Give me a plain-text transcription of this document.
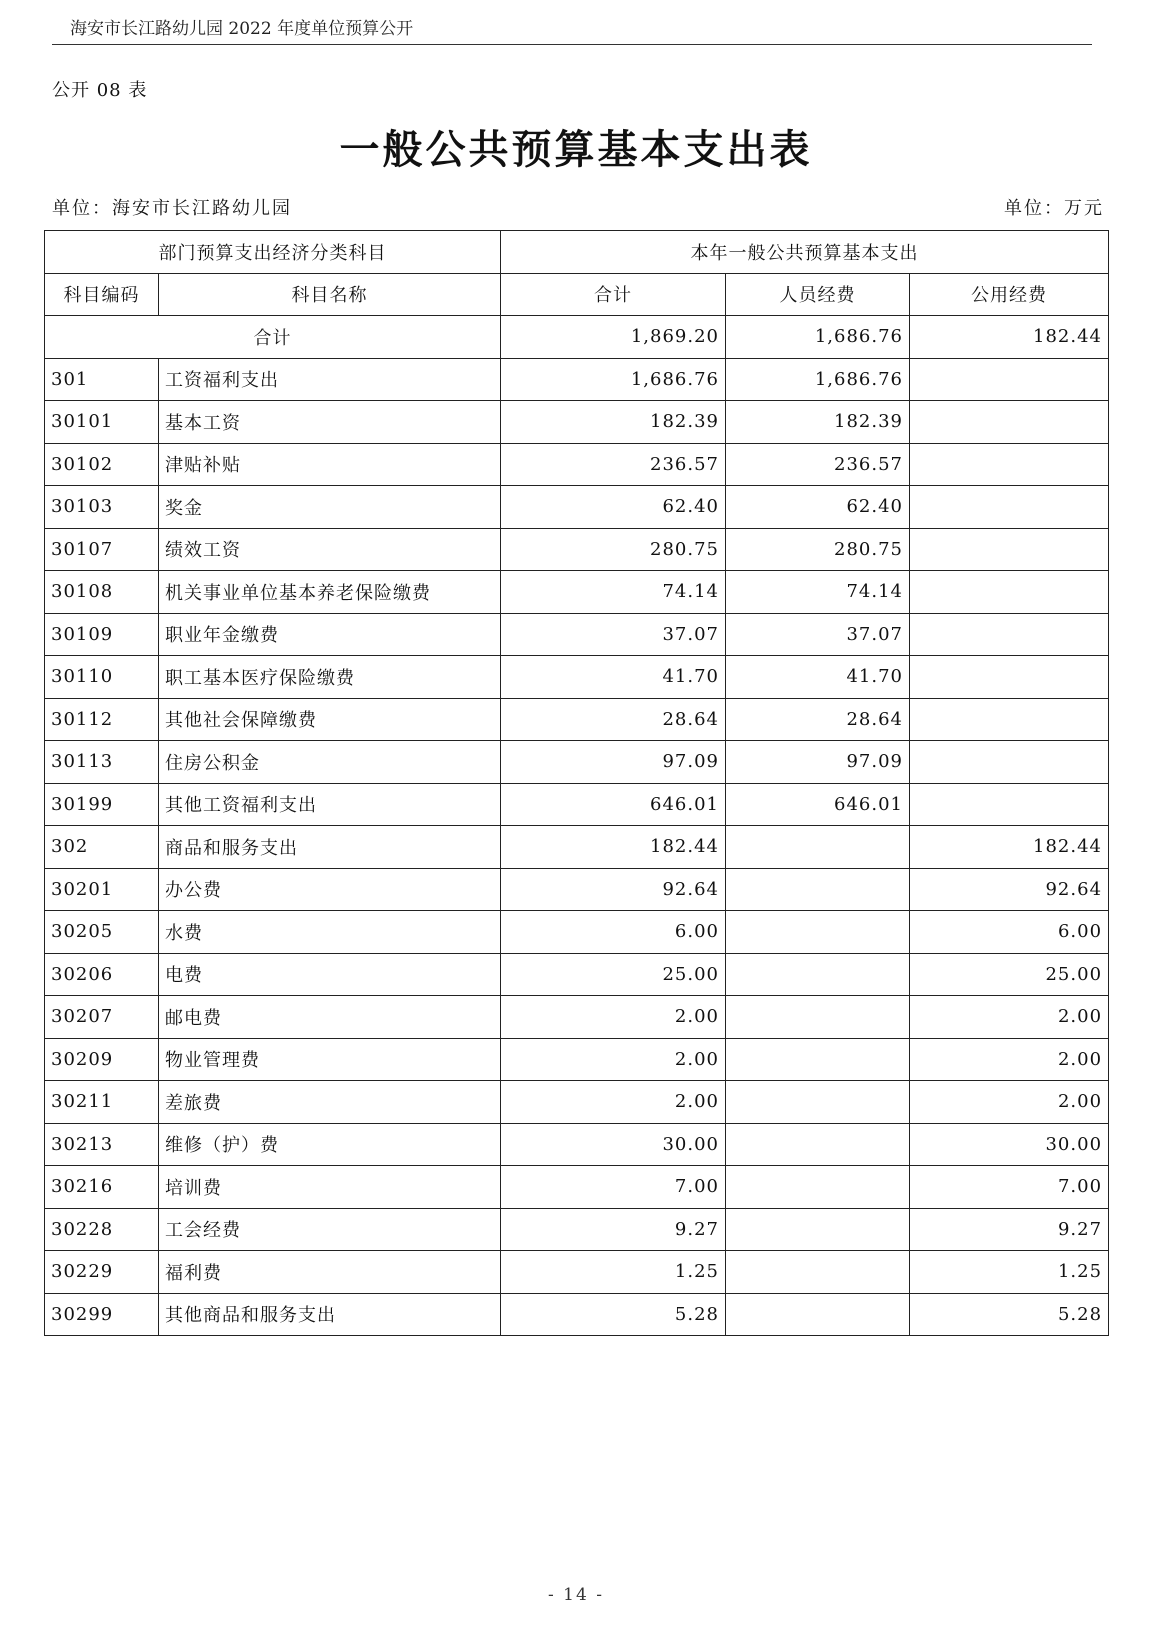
海安市长江路幼儿园 2022 年度单位预算公开
公开 08 表
一般公共预算基本支出表
单位：海安市长江路幼儿园	单位：万元
部门预算支出经济分类科目		本年一般公共预算基本支出		
科目编码	科目名称	合计	人员经费	公用经费
合计		1,869.20	1,686.76	182.44
301	工资福利支出	1,686.76	1,686.76	
30101	基本工资	182.39	182.39	
30102	津贴补贴	236.57	236.57	
30103	奖金	62.40	62.40	
30107	绩效工资	280.75	280.75	
30108	机关事业单位基本养老保险缴费	74.14	74.14	
30109	职业年金缴费	37.07	37.07	
30110	职工基本医疗保险缴费	41.70	41.70	
30112	其他社会保障缴费	28.64	28.64	
30113	住房公积金	97.09	97.09	
30199	其他工资福利支出	646.01	646.01	
302	商品和服务支出	182.44		182.44
30201	办公费	92.64		92.64
30205	水费	6.00		6.00
30206	电费	25.00		25.00
30207	邮电费	2.00		2.00
30209	物业管理费	2.00		2.00
30211	差旅费	2.00		2.00
30213	维修（护）费	30.00		30.00
30216	培训费	7.00		7.00
30228	工会经费	9.27		9.27
30229	福利费	1.25		1.25
30299	其他商品和服务支出	5.28		5.28
- 14 -
